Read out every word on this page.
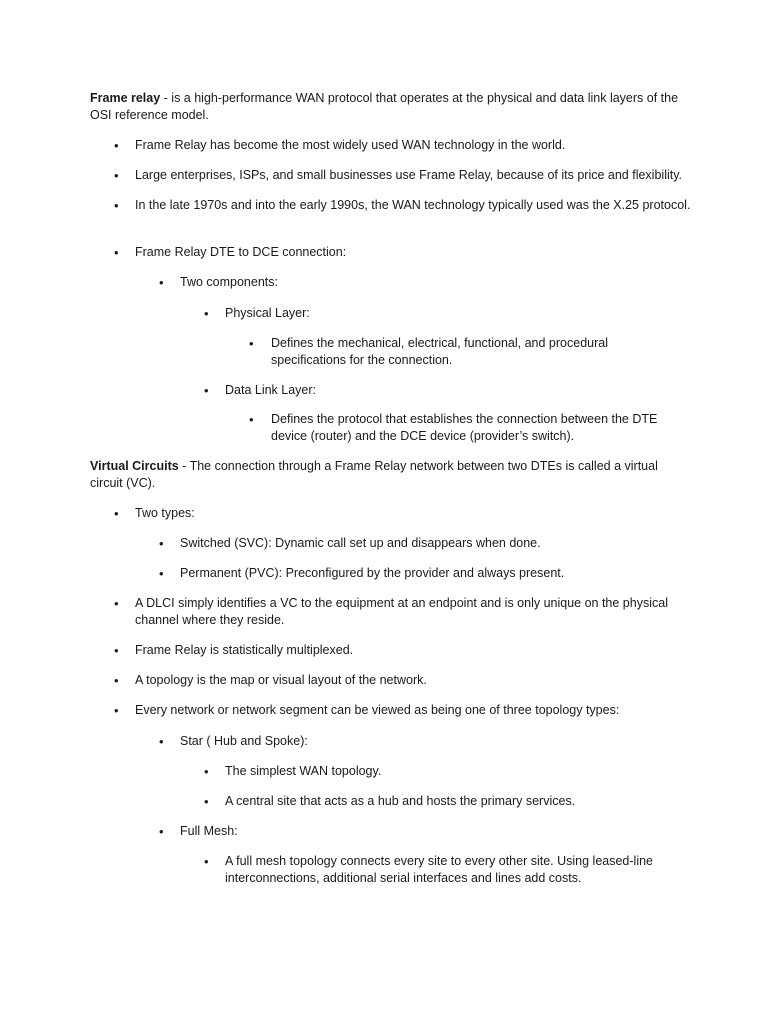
Frame relay - is a high-performance WAN protocol that operates at the physical and data link layers of the OSI reference model.
• Frame Relay has become the most widely used WAN technology in the world.
• Large enterprises, ISPs, and small businesses use Frame Relay, because of its price and flexibility.
• In the late 1970s and into the early 1990s, the WAN technology typically used was the X.25 protocol.
• Frame Relay DTE to DCE connection:
• Two components:
• Physical Layer:
• Defines the mechanical, electrical, functional, and procedural specifications for the connection.
• Data Link Layer:
• Defines the protocol that establishes the connection between the DTE device (router) and the DCE device (provider’s switch).
Virtual Circuits - The connection through a Frame Relay network between two DTEs is called a virtual circuit (VC).
• Two types:
• Switched (SVC): Dynamic call set up and disappears when done.
• Permanent (PVC): Preconfigured by the provider and always present.
• A DLCI simply identifies a VC to the equipment at an endpoint and is only unique on the physical channel where they reside.
• Frame Relay is statistically multiplexed.
• A topology is the map or visual layout of the network.
• Every network or network segment can be viewed as being one of three topology types:
• Star ( Hub and Spoke):
• The simplest WAN topology.
• A central site that acts as a hub and hosts the primary services.
• Full Mesh:
• A full mesh topology connects every site to every other site. Using leased-line interconnections, additional serial interfaces and lines add costs.
